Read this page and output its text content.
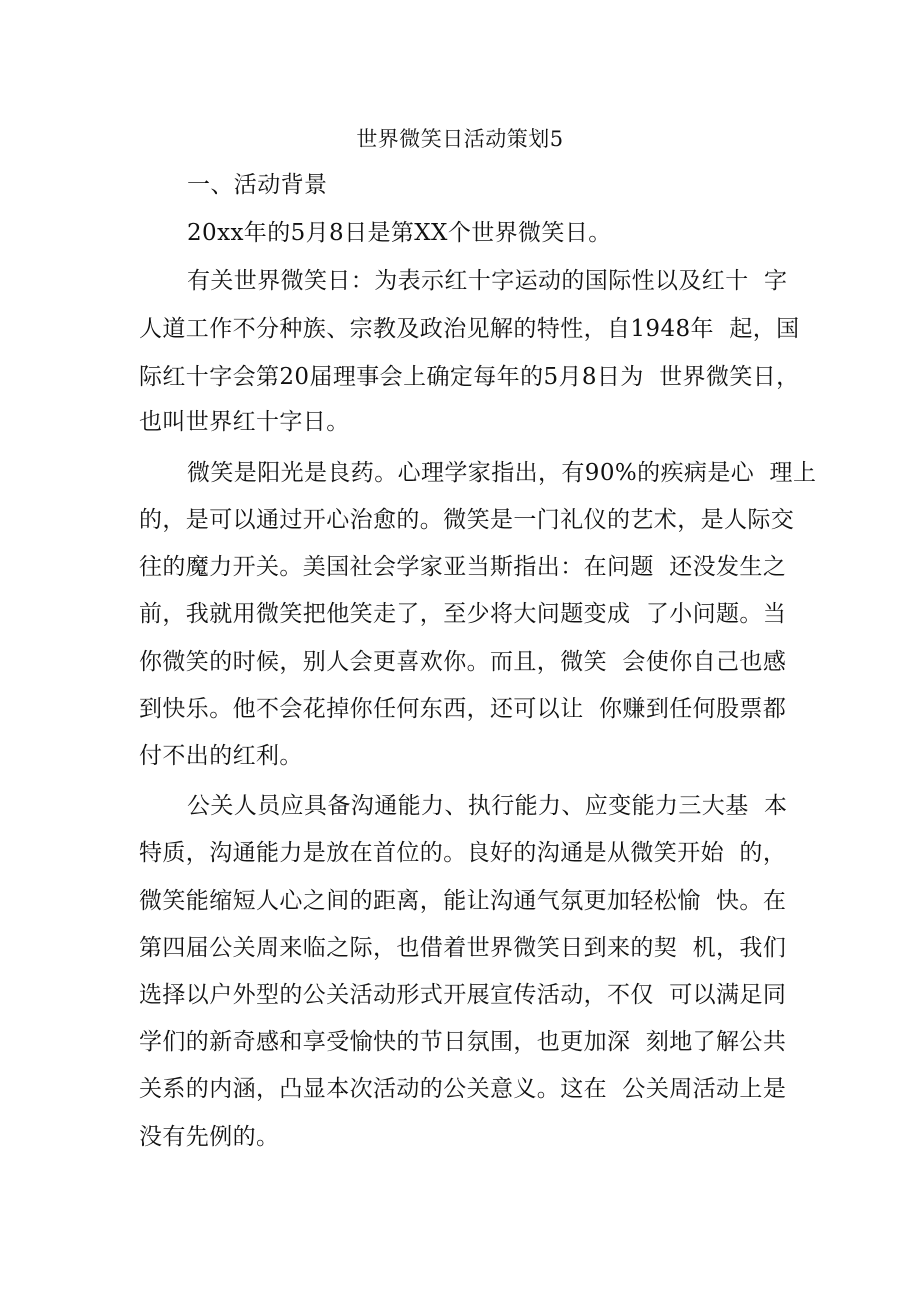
世界微笑日活动策划5
一、活动背景
20xx年的5月8日是第XX个世界微笑日。
有关世界微笑日：为表示红十字运动的国际性以及红十  字
人道工作不分种族、宗教及政治见解的特性，自1948年  起，国
际红十字会第20届理事会上确定每年的5月8日为  世界微笑日，
也叫世界红十字日。
微笑是阳光是良药。心理学家指出，有90%的疾病是心  理上
的，是可以通过开心治愈的。微笑是一门礼仪的艺术，是人际交
往的魔力开关。美国社会学家亚当斯指出：在问题  还没发生之
前，我就用微笑把他笑走了，至少将大问题变成  了小问题。当
你微笑的时候，别人会更喜欢你。而且，微笑  会使你自己也感
到快乐。他不会花掉你任何东西，还可以让  你赚到任何股票都
付不出的红利。
公关人员应具备沟通能力、执行能力、应变能力三大基  本
特质，沟通能力是放在首位的。良好的沟通是从微笑开始  的，
微笑能缩短人心之间的距离，能让沟通气氛更加轻松愉  快。在
第四届公关周来临之际，也借着世界微笑日到来的契  机，我们
选择以户外型的公关活动形式开展宣传活动，不仅  可以满足同
学们的新奇感和享受愉快的节日氛围，也更加深  刻地了解公共
关系的内涵，凸显本次活动的公关意义。这在  公关周活动上是
没有先例的。
